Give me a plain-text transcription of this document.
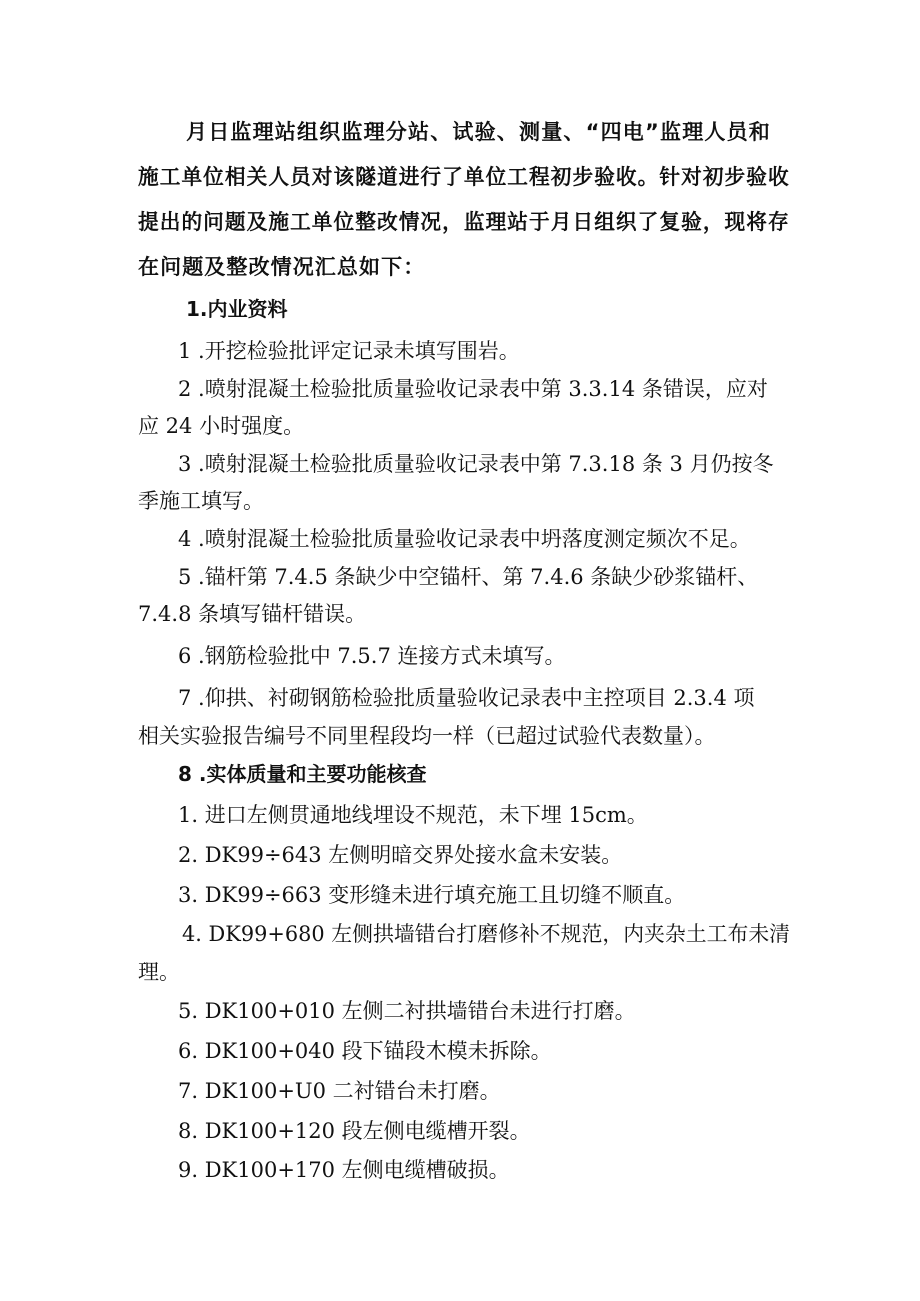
月日监理站组织监理分站、试验、测量、“四电”监理人员和
施工单位相关人员对该隧道进行了单位工程初步验收。针对初步验收
提出的问题及施工单位整改情况，监理站于月日组织了复验，现将存
在问题及整改情况汇总如下：
1.内业资料
1 .开挖检验批评定记录未填写围岩。
2 .喷射混凝土检验批质量验收记录表中第 3.3.14 条错误，应对
应 24 小时强度。
3 .喷射混凝土检验批质量验收记录表中第 7.3.18 条 3 月仍按冬
季施工填写。
4 .喷射混凝土检验批质量验收记录表中坍落度测定频次不足。
5 .锚杆第 7.4.5 条缺少中空锚杆、第 7.4.6 条缺少砂浆锚杆、
7.4.8 条填写锚杆错误。
6 .钢筋检验批中 7.5.7 连接方式未填写。
7 .仰拱、衬砌钢筋检验批质量验收记录表中主控项目 2.3.4 项
相关实验报告编号不同里程段均一样（已超过试验代表数量）。
8 .实体质量和主要功能核查
1. 进口左侧贯通地线埋设不规范，未下埋 15cm。
2. DK99÷643 左侧明暗交界处接水盒未安装。
3. DK99÷663 变形缝未进行填充施工且切缝不顺直。
4. DK99+680 左侧拱墙错台打磨修补不规范，内夹杂土工布未清
理。
5. DK100+010 左侧二衬拱墙错台未进行打磨。
6. DK100+040 段下锚段木模未拆除。
7. DK100+U0 二衬错台未打磨。
8. DK100+120 段左侧电缆槽开裂。
9. DK100+170 左侧电缆槽破损。
